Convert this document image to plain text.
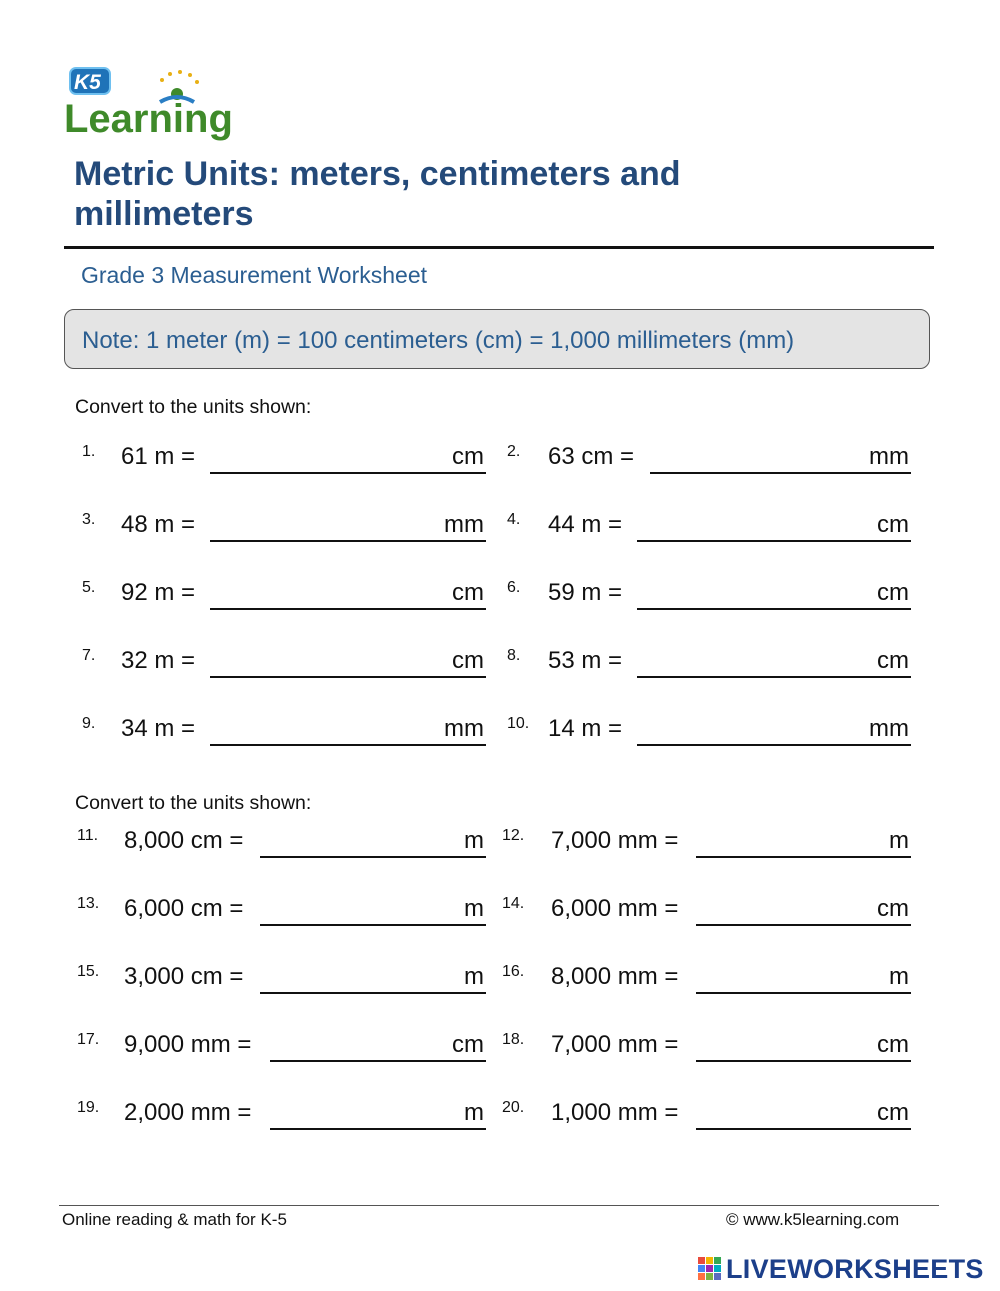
K5
Learning
Metric Units: meters, centimeters and millimeters
Grade 3 Measurement Worksheet
Note: 1 meter (m) = 100 centimeters (cm) = 1,000 millimeters (mm)
Convert to the units shown:
Convert to the units shown:
1. 61 m =	cm 2. 63 cm =	mm
3. 48 m =	mm 4. 44 m =	cm
5. 92 m =	cm 6. 59 m =	cm
7. 32 m =	cm 8. 53 m =	cm
9. 34 m =	mm 10. 14 m =	mm
11. 8,000 cm =	m 12. 7,000 mm =	m
13. 6,000 cm =	m 14. 6,000 mm =	cm
15. 3,000 cm =	m 16. 8,000 mm =	m
17. 9,000 mm =	cm 18. 7,000 mm =	cm
19. 2,000 mm =	m 20. 1,000 mm =	cm
Online reading & math for K-5	© www.k5learning.com
LIVEWORKSHEETS
